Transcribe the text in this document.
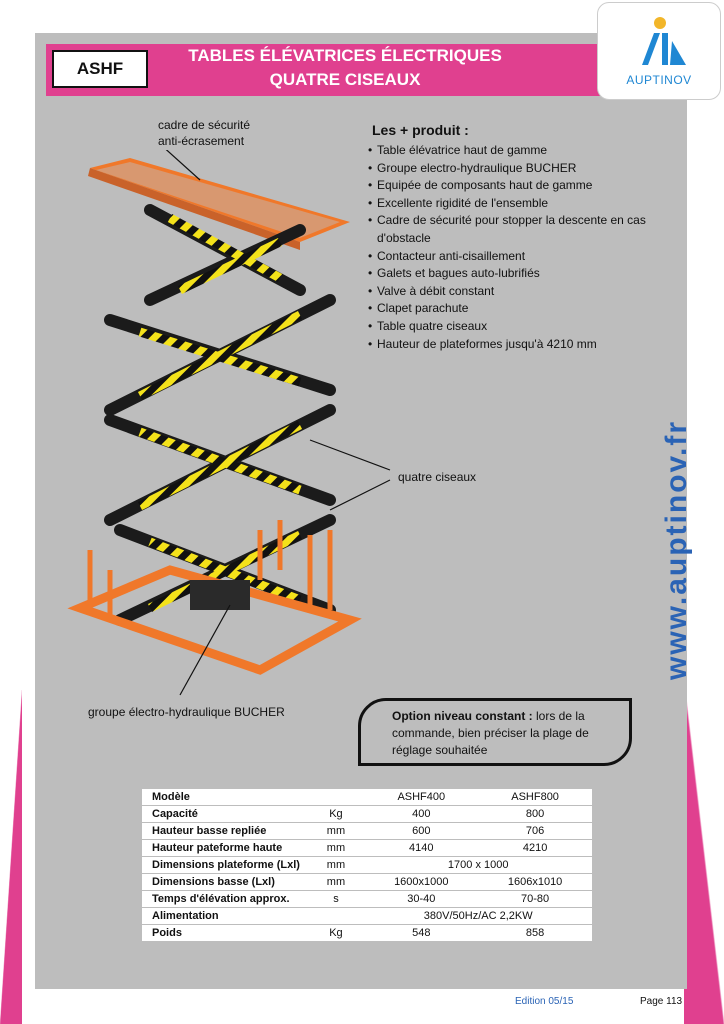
ASHF
TABLES ÉLÉVATRICES ÉLECTRIQUES
QUATRE CISEAUX	AUPTINOV
cadre de sécurité
anti-écrasement
quatre ciseaux
groupe électro-hydraulique BUCHER
Les + produit :
• Table élévatrice haut de gamme
• Groupe electro-hydraulique BUCHER
• Equipée de composants haut de gamme
• Excellente rigidité de l'ensemble
• Cadre de sécurité pour stopper la descente en cas
d'obstacle
• Contacteur anti-cisaillement
• Galets et bagues auto-lubrifiés
• Valve à débit constant
• Clapet parachute
• Table quatre ciseaux
• Hauteur de plateformes jusqu'à 4210 mm
www.auptinov.fr
Option niveau constant : lors de la
commande, bien préciser la plage de
réglage souhaitée
Modèle		ASHF400	ASHF800
Capacité	Kg	400	800
Hauteur basse repliée	mm	600	706
Hauteur pateforme haute	mm	4140	4210
Dimensions plateforme (Lxl)	mm	1700 x 1000	
Dimensions basse (Lxl)	mm	1600x1000	1606x1010
Temps d'élévation approx.	s	30-40	70-80
Alimentation		380V/50Hz/AC 2,2KW	
Poids	Kg	548	858
Edition 05/15	Page 113
